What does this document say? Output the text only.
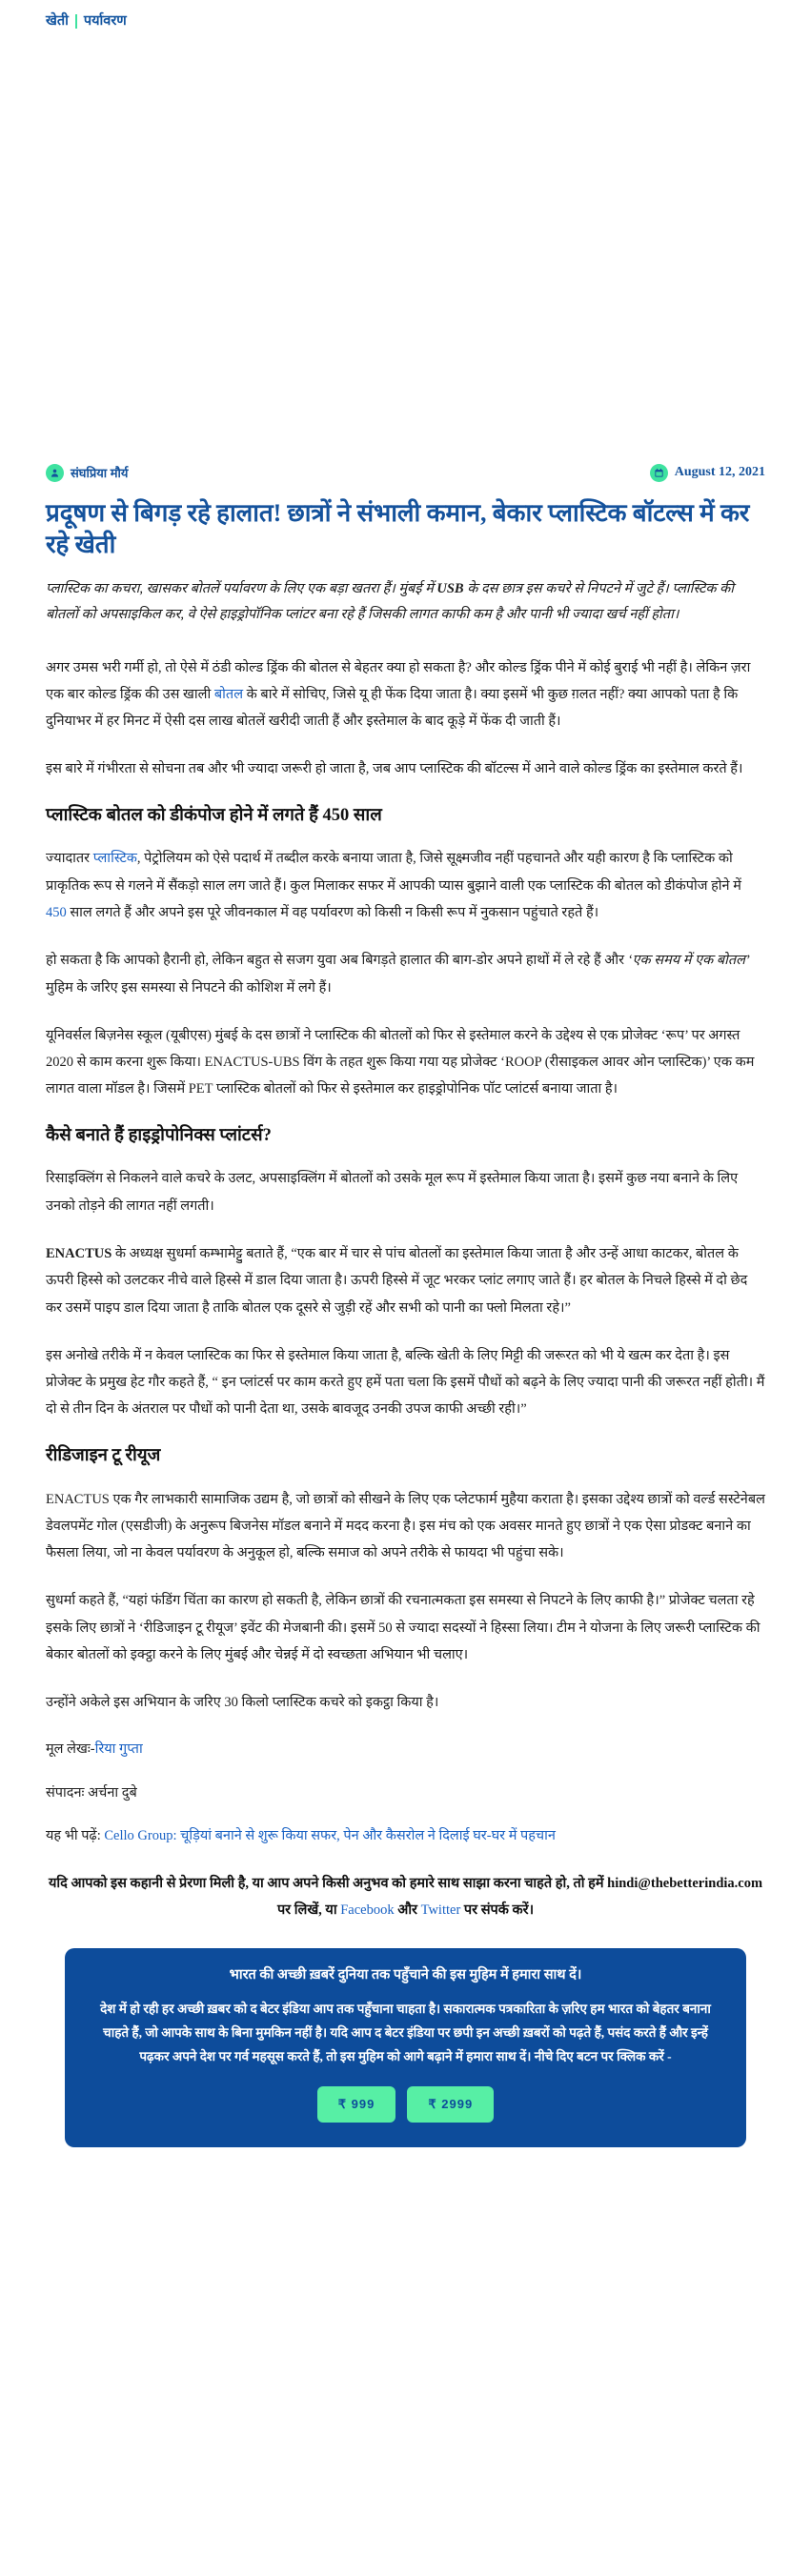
खेती पर्यावरण
संघप्रिया मौर्य	August 12, 2021
प्रदूषण से बिगड़ रहे हालात! छात्रों ने संभाली कमान, बेकार प्लास्टिक बॉटल्स में कर रहे खेती

प्लास्टिक का कचरा, खासकर बोतलें पर्यावरण के लिए एक बड़ा खतरा हैं। मुंबई में USB के दस छात्र इस कचरे से निपटने में जुटे हैं। प्लास्टिक की बोतलों को अपसाइकिल कर, वे ऐसे हाइड्रोपॉनिक प्लांटर बना रहे हैं जिसकी लागत काफी कम है और पानी भी ज्यादा खर्च नहीं होता।

अगर उमस भरी गर्मी हो, तो ऐसे में ठंडी कोल्ड ड्रिंक की बोतल से बेहतर क्या हो सकता है? और कोल्ड ड्रिंक पीने में कोई बुराई भी नहीं है। लेकिन ज़रा एक बार कोल्ड ड्रिंक की उस खाली बोतल के बारे में सोचिए, जिसे यू ही फेंक दिया जाता है। क्या इसमें भी कुछ ग़लत नहीं? क्या आपको पता है कि दुनियाभर में हर मिनट में ऐसी दस लाख बोतलें खरीदी जाती हैं और इस्तेमाल के बाद कूड़े में फेंक दी जाती हैं।

इस बारे में गंभीरता से सोचना तब और भी ज्यादा जरूरी हो जाता है, जब आप प्लास्टिक की बॉटल्स में आने वाले कोल्ड ड्रिंक का इस्तेमाल करते हैं।

प्लास्टिक बोतल को डीकंपोज होने में लगते हैं 450 साल

ज्यादातर प्लास्टिक, पेट्रोलियम को ऐसे पदार्थ में तब्दील करके बनाया जाता है, जिसे सूक्ष्मजीव नहीं पहचानते और यही कारण है कि प्लास्टिक को प्राकृतिक रूप से गलने में सैंकड़ो साल लग जाते हैं। कुल मिलाकर सफर में आपकी प्यास बुझाने वाली एक प्लास्टिक की बोतल को डीकंपोज होने में 450 साल लगते हैं और अपने इस पूरे जीवनकाल में वह पर्यावरण को किसी न किसी रूप में नुकसान पहुंचाते रहते हैं।

हो सकता है कि आपको हैरानी हो, लेकिन बहुत से सजग युवा अब बिगड़ते हालात की बाग-डोर अपने हाथों में ले रहे हैं और ‘एक समय में एक बोतल’ मुहिम के जरिए इस समस्या से निपटने की कोशिश में लगे हैं।

यूनिवर्सल बिज़नेस स्कूल (यूबीएस) मुंबई के दस छात्रों ने प्लास्टिक की बोतलों को फिर से इस्तेमाल करने के उद्देश्य से एक प्रोजेक्ट ‘रूप’ पर अगस्त 2020 से काम करना शुरू किया। ENACTUS-UBS विंग के तहत शुरू किया गया यह प्रोजेक्ट ‘ROOP (रीसाइकल आवर ओन प्लास्टिक)’ एक कम लागत वाला मॉडल है। जिसमें PET प्लास्टिक बोतलों को फिर से इस्तेमाल कर हाइड्रोपोनिक पॉट प्लांटर्स बनाया जाता है।

कैसे बनाते हैं हाइड्रोपोनिक्स प्लांटर्स?

रिसाइक्लिंग से निकलने वाले कचरे के उलट, अपसाइक्लिंग में बोतलों को उसके मूल रूप में इस्तेमाल किया जाता है। इसमें कुछ नया बनाने के लिए उनको तोड़ने की लागत नहीं लगती।

ENACTUS के अध्यक्ष सुधर्मा कम्भामेट्टु बताते हैं, “एक बार में चार से पांच बोतलों का इस्तेमाल किया जाता है और उन्हें आधा काटकर, बोतल के ऊपरी हिस्से को उलटकर नीचे वाले हिस्से में डाल दिया जाता है। ऊपरी हिस्से में जूट भरकर प्लांट लगाए जाते हैं। हर बोतल के निचले हिस्से में दो छेद कर उसमें पाइप डाल दिया जाता है ताकि बोतल एक दूसरे से जुड़ी रहें और सभी को पानी का फ्लो मिलता रहे।”

इस अनोखे तरीके में न केवल प्लास्टिक का फिर से इस्तेमाल किया जाता है, बल्कि खेती के लिए मिट्टी की जरूरत को भी ये खत्म कर देता है। इस प्रोजेक्ट के प्रमुख हेट गौर कहते हैं, “ इन प्लांटर्स पर काम करते हुए हमें पता चला कि इसमें पौधों को बढ़ने के लिए ज्यादा पानी की जरूरत नहीं होती। मैं दो से तीन दिन के अंतराल पर पौधों को पानी देता था, उसके बावजूद उनकी उपज काफी अच्छी रही।”

रीडिजाइन टू रीयूज

ENACTUS एक गैर लाभकारी सामाजिक उद्यम है, जो छात्रों को सीखने के लिए एक प्लेटफार्म मुहैया कराता है। इसका उद्देश्य छात्रों को वर्ल्ड सस्टेनेबल डेवलपमेंट गोल (एसडीजी) के अनुरूप बिजनेस मॉडल बनाने में मदद करना है। इस मंच को एक अवसर मानते हुए छात्रों ने एक ऐसा प्रोडक्ट बनाने का फैसला लिया, जो ना केवल पर्यावरण के अनुकूल हो, बल्कि समाज को अपने तरीके से फायदा भी पहुंचा सके।

सुधर्मा कहते हैं, “यहां फंडिंग चिंता का कारण हो सकती है, लेकिन छात्रों की रचनात्मकता इस समस्या से निपटने के लिए काफी है।” प्रोजेक्ट चलता रहे इसके लिए छात्रों ने ‘रीडिजाइन टू रीयूज’ इवेंट की मेजबानी की। इसमें 50 से ज्यादा सदस्यों ने हिस्सा लिया। टीम ने योजना के लिए जरूरी प्लास्टिक की बेकार बोतलों को इक्ट्ठा करने के लिए मुंबई और चेन्नई में दो स्वच्छता अभियान भी चलाए।

उन्होंने अकेले इस अभियान के जरिए 30 किलो प्लास्टिक कचरे को इकट्ठा किया है।

मूल लेखः-रिया गुप्ता

संपादनः अर्चना दुबे

यह भी पढ़ें: Cello Group: चूड़ियां बनाने से शुरू किया सफर, पेन और कैसरोल ने दिलाई घर-घर में पहचान

यदि आपको इस कहानी से प्रेरणा मिली है, या आप अपने किसी अनुभव को हमारे साथ साझा करना चाहते हो, तो हमें hindi@thebetterindia.com पर लिखें, या Facebook और Twitter पर संपर्क करें।

भारत की अच्छी ख़बरें दुनिया तक पहुँचाने की इस मुहिम में हमारा साथ दें।

देश में हो रही हर अच्छी ख़बर को द बेटर इंडिया आप तक पहुँचाना चाहता है। सकारात्मक पत्रकारिता के ज़रिए हम भारत को बेहतर बनाना चाहते हैं, जो आपके साथ के बिना मुमकिन नहीं है। यदि आप द बेटर इंडिया पर छपी इन अच्छी ख़बरों को पढ़ते हैं, पसंद करते हैं और इन्हें पढ़कर अपने देश पर गर्व महसूस करते हैं, तो इस मुहिम को आगे बढ़ाने में हमारा साथ दें। नीचे दिए बटन पर क्लिक करें -

₹ 999	₹ 2999
